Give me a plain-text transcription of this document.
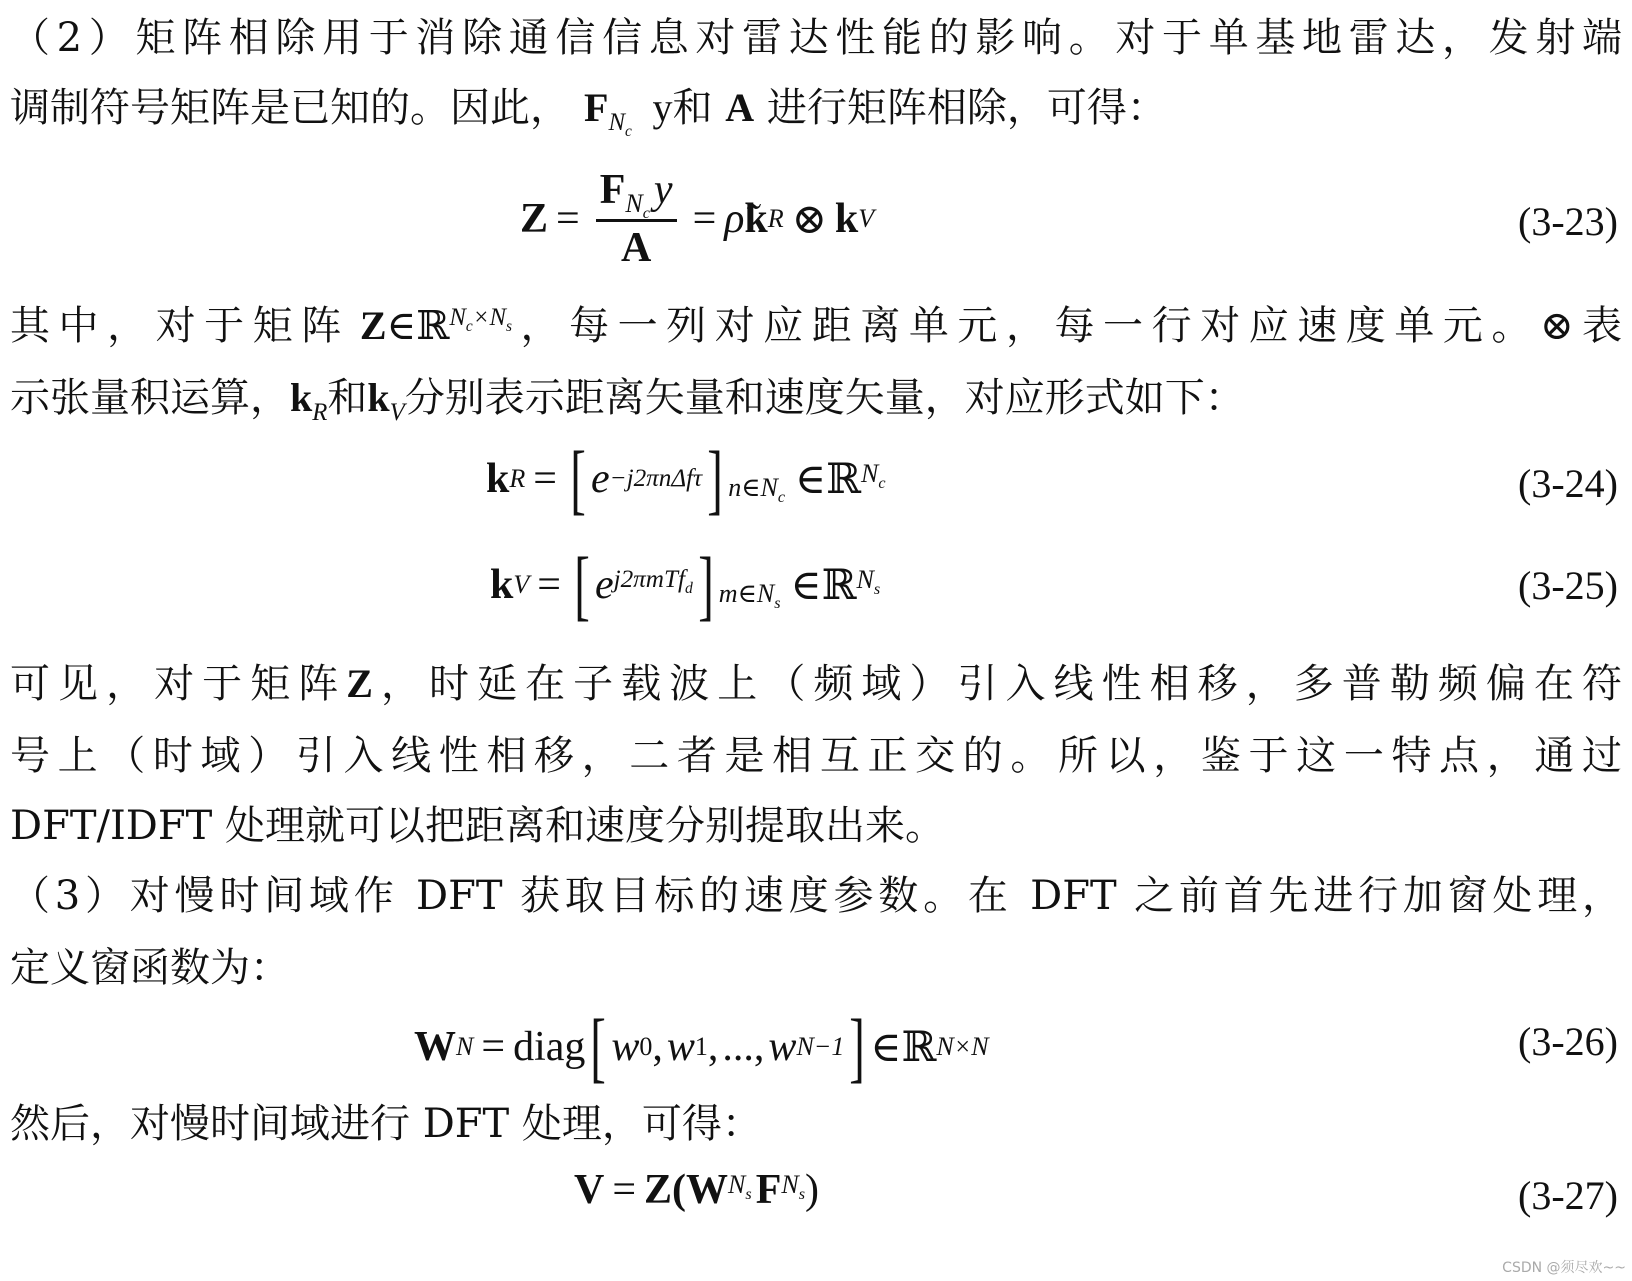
（2）矩阵相除用于消除通信信息对雷达性能的影响。对于单基地雷达，发射端
调制符号矩阵是已知的。因此， $F_{N_c}$ y和 A 进行矩阵相除，可得：
$Z = \frac{F_{N_c}y}{A}$ = ρ̃ k R ⊗ k V	(3-23)
其中，对于矩阵 Z∈ℝ$^{N_c\times N_s}$，每一列对应距离单元，每一行对应速度单元。⊗表
示张量积运算，$k_R$和$k_V$分别表示距离矢量和速度矢量，对应形式如下：
k R = [ e −j2πnΔfτ ] $_{n\in N_c}$ ∈ ℝ $N_c$	(3-24)
k V = [ e j2πmTf$_d$ ] $_{m\in N_s}$ ∈ ℝ $N_s$	(3-25)
可见，对于矩阵Z，时延在子载波上（频域）引入线性相移，多普勒频偏在符
号上（时域）引入线性相移，二者是相互正交的。所以，鉴于这一特点，通过
DFT/IDFT 处理就可以把距离和速度分别提取出来。
（3）对慢时间域作 DFT 获取目标的速度参数。在 DFT 之前首先进行加窗处理，
定义窗函数为：
W N = diag [ w 0 , w 1 , ..., w N−1 ] ∈ ℝ N×N	(3-26)
然后，对慢时间域进行 DFT 处理，可得：
V = Z( W $N_s$ F $N_s$ )	(3-27)
CSDN @须尽欢~~
